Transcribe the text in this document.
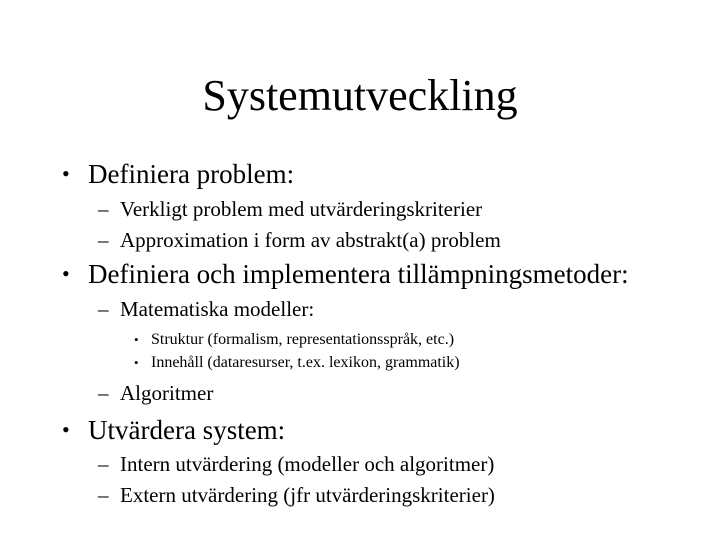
Systemutveckling
• Definiera problem:
– Verkligt problem med utvärderingskriterier
– Approximation i form av abstrakt(a) problem
• Definiera och implementera tillämpningsmetoder:
– Matematiska modeller:
• Struktur (formalism, representationsspråk, etc.)
• Innehåll (dataresurser, t.ex. lexikon, grammatik)
– Algoritmer
• Utvärdera system:
– Intern utvärdering (modeller och algoritmer)
– Extern utvärdering (jfr utvärderingskriterier)
